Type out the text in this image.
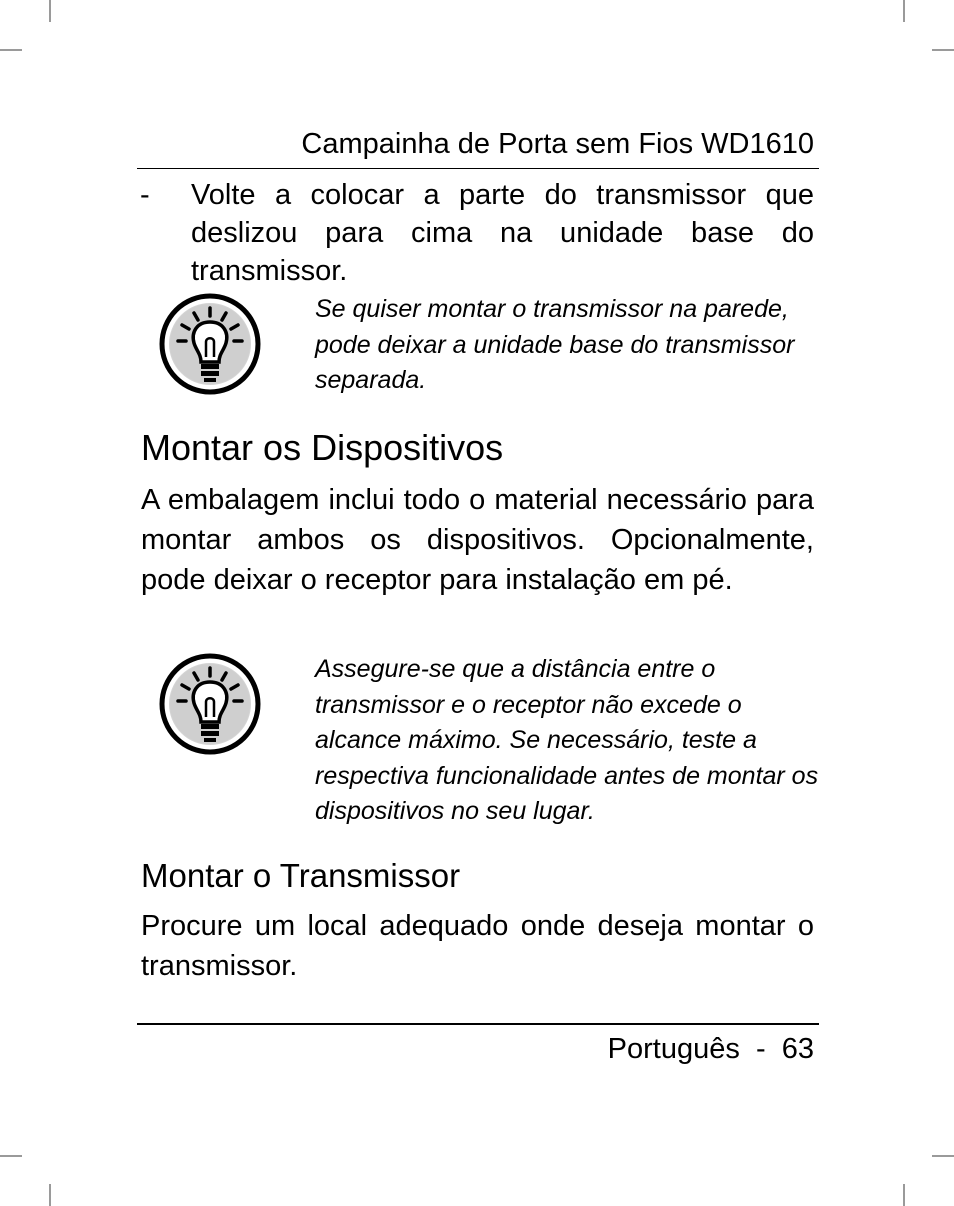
Campainha de Porta sem Fios WD1610
- Volte a colocar a parte do transmissor que deslizou para cima na unidade base do transmissor.
Se quiser montar o transmissor na parede, pode deixar a unidade base do transmissor separada.
Montar os Dispositivos
A embalagem inclui todo o material necessário para montar ambos os dispositivos. Opcionalmente, pode deixar o receptor para instalação em pé.
Assegure-se que a distância entre o transmissor e o receptor não excede o alcance máximo. Se necessário, teste a respectiva funcionalidade antes de montar os dispositivos no seu lugar.
Montar o Transmissor
Procure um local adequado onde deseja montar o transmissor.
Português  -  63
